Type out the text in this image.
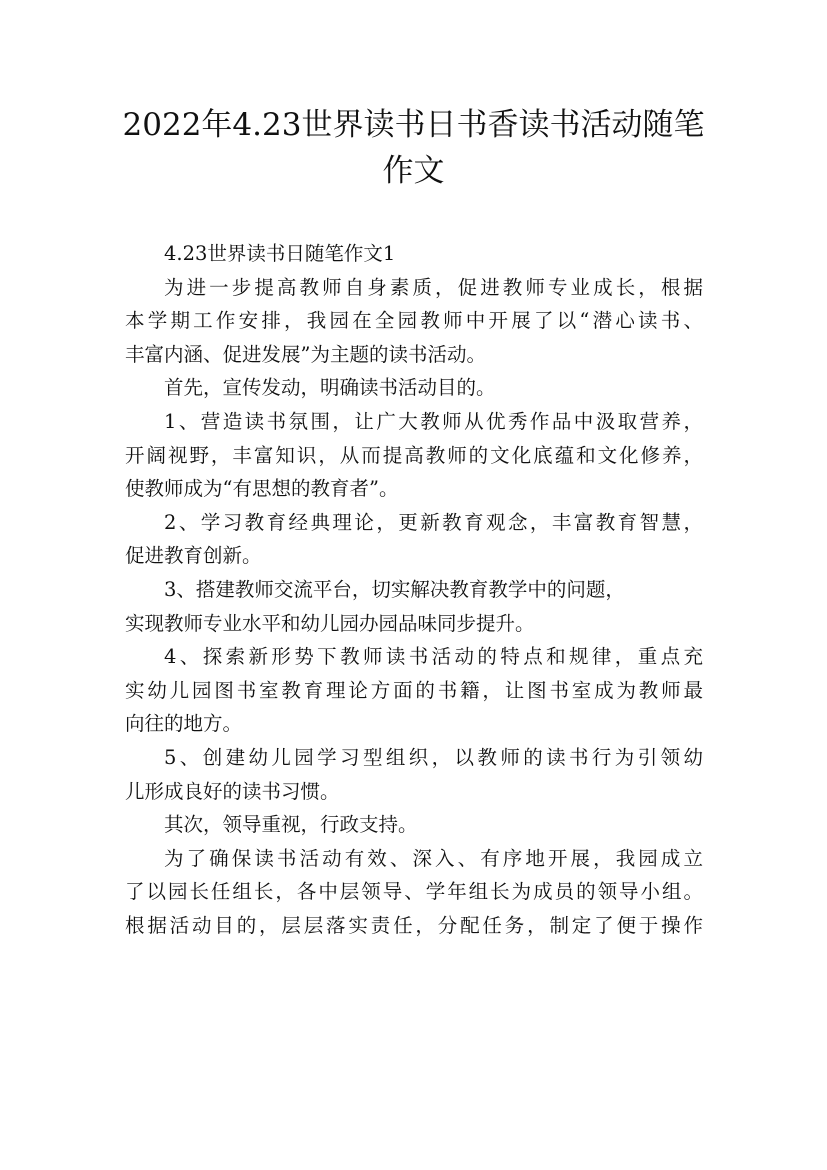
2022年4.23世界读书日书香读书活动随笔
作文

4.23世界读书日随笔作文1

为进一步提高教师自身素质，促进教师专业成长，根据
本学期工作安排，我园在全园教师中开展了以“潜心读书、
丰富内涵、促进发展”为主题的读书活动。

首先，宣传发动，明确读书活动目的。

1、营造读书氛围，让广大教师从优秀作品中汲取营养，
开阔视野，丰富知识，从而提高教师的文化底蕴和文化修养，
使教师成为“有思想的教育者”。

2、学习教育经典理论，更新教育观念，丰富教育智慧，
促进教育创新。

3、搭建教师交流平台，切实解决教育教学中的问题，
实现教师专业水平和幼儿园办园品味同步提升。

4、探索新形势下教师读书活动的特点和规律，重点充
实幼儿园图书室教育理论方面的书籍，让图书室成为教师最
向往的地方。

5、创建幼儿园学习型组织，以教师的读书行为引领幼
儿形成良好的读书习惯。

其次，领导重视，行政支持。

为了确保读书活动有效、深入、有序地开展，我园成立
了以园长任组长，各中层领导、学年组长为成员的领导小组。
根据活动目的，层层落实责任，分配任务，制定了便于操作
